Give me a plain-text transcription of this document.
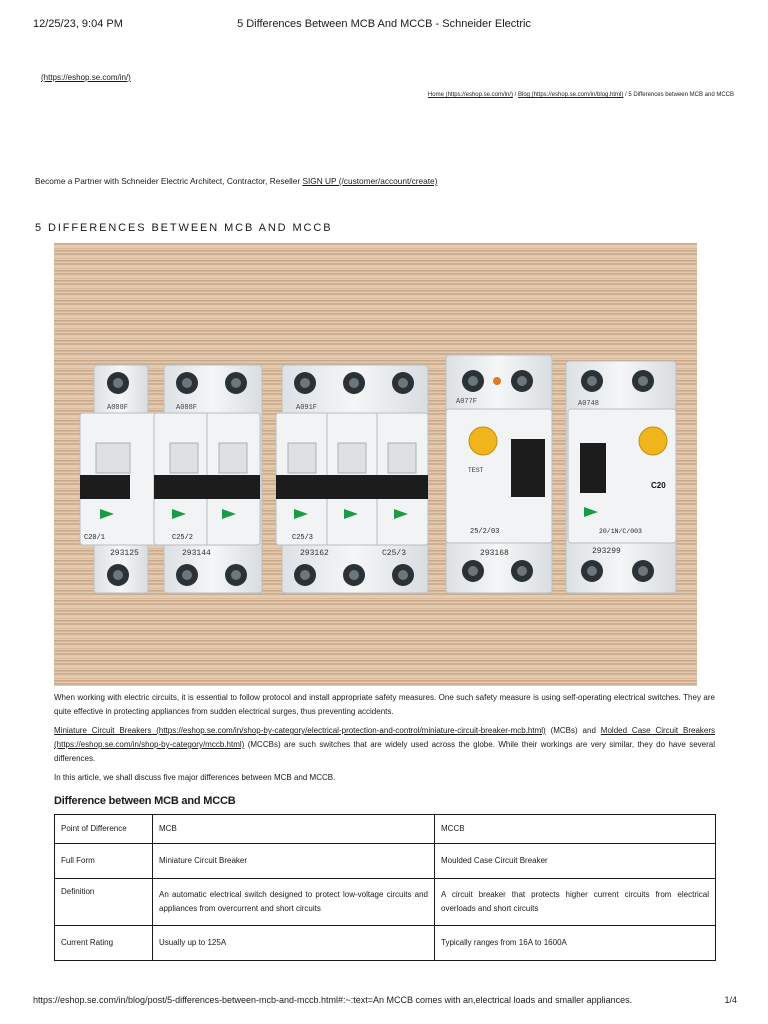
12/25/23, 9:04 PM	5 Differences Between MCB And MCCB - Schneider Electric
(https://eshop.se.com/in/)
Home (https://eshop.se.com/in/) / Blog (https://eshop.se.com/in/blog.html) / 5 Differences between MCB and MCCB
Become a Partner with Schneider Electric Architect, Contractor, Reseller SIGN UP (/customer/account/create)
5 DIFFERENCES BETWEEN MCB AND MCCB
A088F
C20/1
293125
A088F
C25/2
293144
A091F
C25/3
293162	C25/3
A077F
TEST
25/2/03
293168
A0748
C20
20/1N/C/003
293299

When working with electric circuits, it is essential to follow protocol and install appropriate safety measures. One such safety measure is using self-operating electrical switches. They are quite effective in protecting appliances from sudden electrical surges, thus preventing accidents.

Miniature Circuit Breakers (https://eshop.se.com/in/shop-by-category/electrical-protection-and-control/miniature-circuit-breaker-mcb.html) (MCBs) and Molded Case Circuit Breakers (https://eshop.se.com/in/shop-by-category/mccb.html) (MCCBs) are such switches that are widely used across the globe. While their workings are very similar, they do have several differences.

In this article, we shall discuss five major differences between MCB and MCCB.

Difference between MCB and MCCB
Point of Difference	MCB	MCCB
Full Form	Miniature Circuit Breaker	Moulded Case Circuit Breaker
Definition	An automatic electrical switch designed to protect low-voltage circuits and appliances from overcurrent and short circuits	A circuit breaker that protects higher current circuits from electrical overloads and short circuits
Current Rating	Usually up to 125A	Typically ranges from 16A to 1600A
https://eshop.se.com/in/blog/post/5-differences-between-mcb-and-mccb.html#:~:text=An MCCB comes with an,electrical loads and smaller appliances.	1/4
